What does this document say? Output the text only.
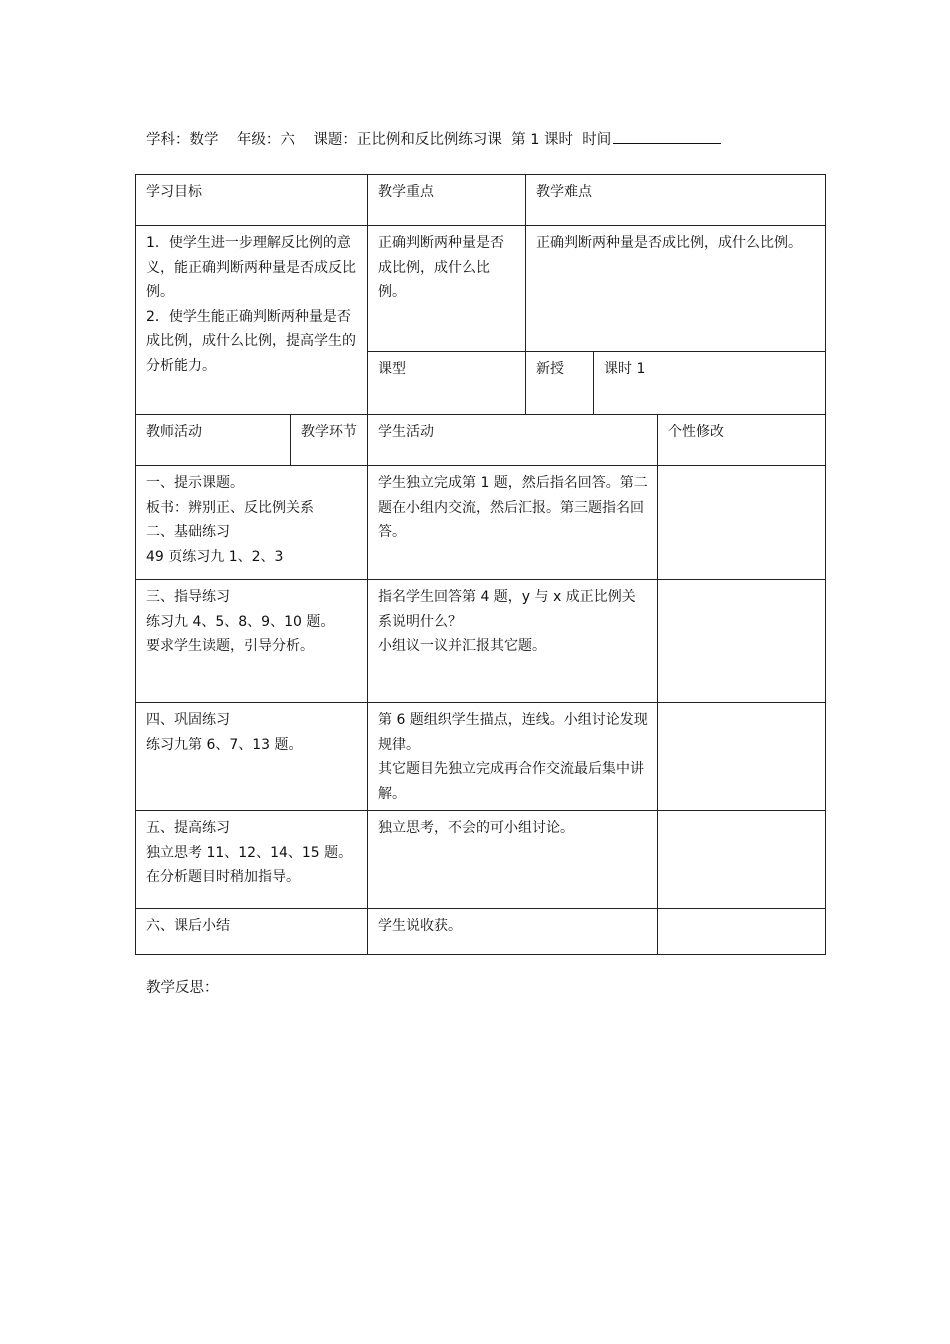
学科：数学 年级：六 课题：正比例和反比例练习课 第 1 课时 时间
学习目标		教学重点	教学难点		

1．使学生进一步理解反比例的意义，能正确判断两种量是否成反比例。
2．使学生能正确判断两种量是否成比例，成什么比例，提高学生的分析能力。		正确判断两种量是否成比例，成什么比例。	正确判断两种量是否成比例，成什么比例。		
		课型	新授	课时 1	
教师活动	教学环节	学生活动			个性修改

一、提示课题。
板书：辨别正、反比例关系
二、基础练习
49 页练习九 1、2、3		学生独立完成第 1 题，然后指名回答。第二题在小组内交流，然后汇报。第三题指名回答。			

三、指导练习
练习九 4、5、8、9、10 题。
要求学生读题，引导分析。		指名学生回答第 4 题，y 与 x 成正比例关系说明什么？
小组议一议并汇报其它题。			

四、巩固练习
练习九第 6、7、13 题。		第 6 题组织学生描点，连线。小组讨论发现规律。
其它题目先独立完成再合作交流最后集中讲解。			

五、提高练习
独立思考 11、12、14、15 题。
在分析题目时稍加指导。		独立思考，不会的可小组讨论。			

六、课后小结		学生说收获。			

教学反思：
